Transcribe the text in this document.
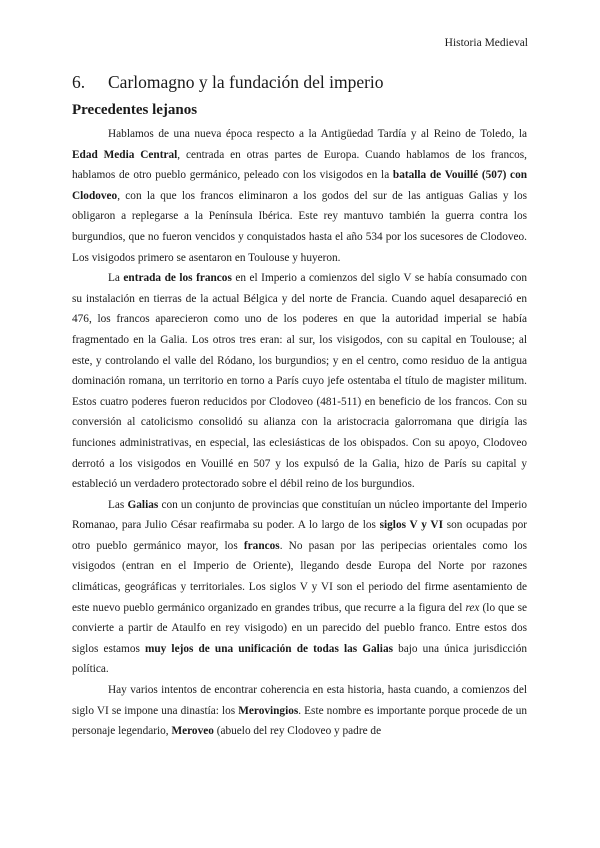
Historia Medieval
6. Carlomagno y la fundación del imperio
Precedentes lejanos

Hablamos de una nueva época respecto a la Antigüedad Tardía y al Reino de Toledo, la Edad Media Central, centrada en otras partes de Europa. Cuando hablamos de los francos, hablamos de otro pueblo germánico, peleado con los visigodos en la batalla de Vouillé (507) con Clodoveo, con la que los francos eliminaron a los godos del sur de las antiguas Galias y los obligaron a replegarse a la Península Ibérica. Este rey mantuvo también la guerra contra los burgundios, que no fueron vencidos y conquistados hasta el año 534 por los sucesores de Clodoveo. Los visigodos primero se asentaron en Toulouse y huyeron.

La entrada de los francos en el Imperio a comienzos del siglo V se había consumado con su instalación en tierras de la actual Bélgica y del norte de Francia. Cuando aquel desapareció en 476, los francos aparecieron como uno de los poderes en que la autoridad imperial se había fragmentado en la Galia. Los otros tres eran: al sur, los visigodos, con su capital en Toulouse; al este, y controlando el valle del Ródano, los burgundios; y en el centro, como residuo de la antigua dominación romana, un territorio en torno a París cuyo jefe ostentaba el título de magister militum. Estos cuatro poderes fueron reducidos por Clodoveo (481-511) en beneficio de los francos. Con su conversión al catolicismo consolidó su alianza con la aristocracia galorromana que dirigía las funciones administrativas, en especial, las eclesiásticas de los obispados. Con su apoyo, Clodoveo derrotó a los visigodos en Vouillé en 507 y los expulsó de la Galia, hizo de París su capital y estableció un verdadero protectorado sobre el débil reino de los burgundios.

Las Galias con un conjunto de provincias que constituían un núcleo importante del Imperio Romanao, para Julio César reafirmaba su poder. A lo largo de los siglos V y VI son ocupadas por otro pueblo germánico mayor, los francos. No pasan por las peripecias orientales como los visigodos (entran en el Imperio de Oriente), llegando desde Europa del Norte por razones climáticas, geográficas y territoriales. Los siglos V y VI son el periodo del firme asentamiento de este nuevo pueblo germánico organizado en grandes tribus, que recurre a la figura del rex (lo que se convierte a partir de Ataulfo en rey visigodo) en un parecido del pueblo franco. Entre estos dos siglos estamos muy lejos de una unificación de todas las Galias bajo una única jurisdicción política.

Hay varios intentos de encontrar coherencia en esta historia, hasta cuando, a comienzos del siglo VI se impone una dinastía: los Merovingios. Este nombre es importante porque procede de un personaje legendario, Meroveo (abuelo del rey Clodoveo y padre de
